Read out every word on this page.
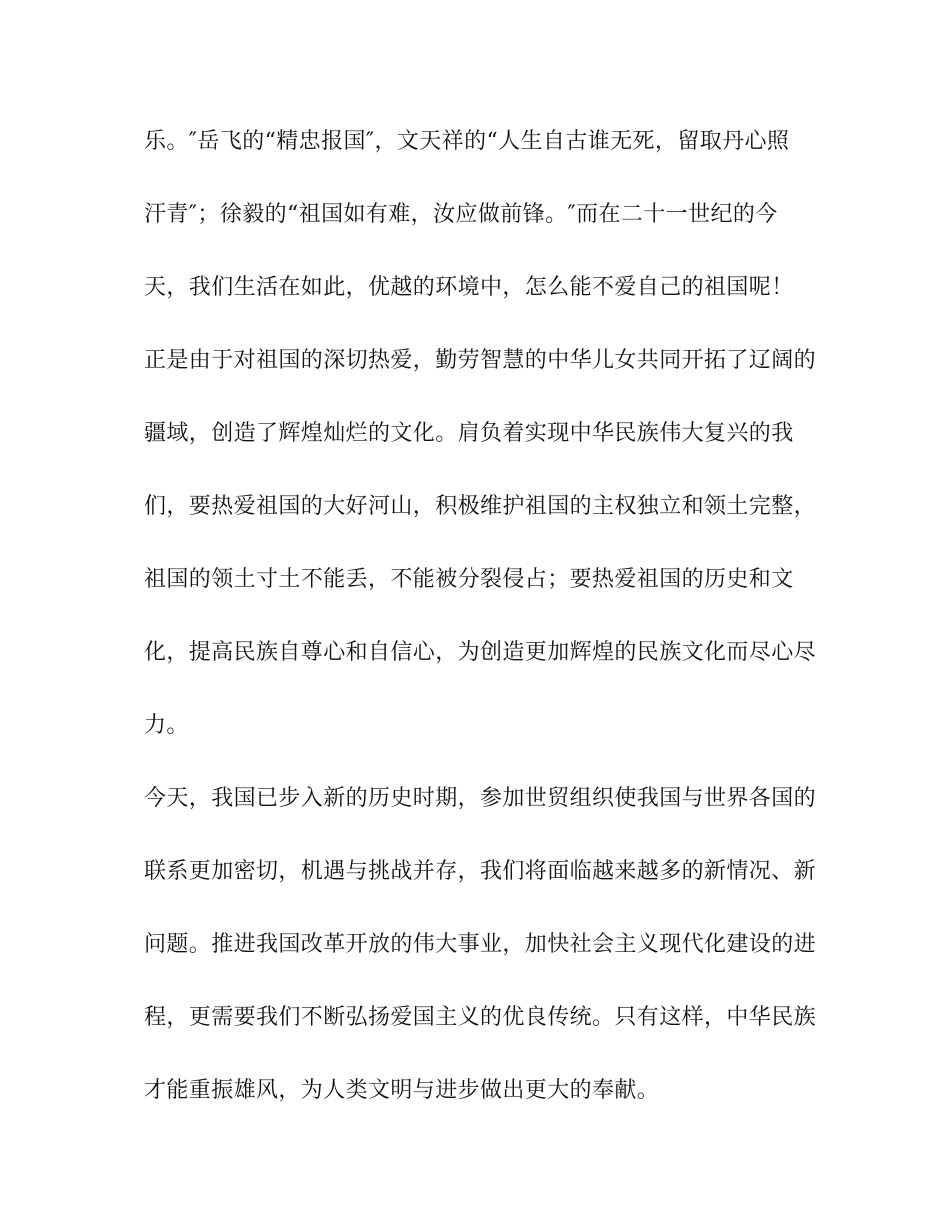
乐。″岳飞的“精忠报国″，文天祥的“人生自古谁无死，留取丹心照
汗青″；徐毅的“祖国如有难，汝应做前锋。″而在二十一世纪的今
天，我们生活在如此，优越的环境中，怎么能不爱自己的祖国呢！
正是由于对祖国的深切热爱，勤劳智慧的中华儿女共同开拓了辽阔的
疆域，创造了辉煌灿烂的文化。肩负着实现中华民族伟大复兴的我
们，要热爱祖国的大好河山，积极维护祖国的主权独立和领土完整，
祖国的领土寸土不能丢，不能被分裂侵占；要热爱祖国的历史和文
化，提高民族自尊心和自信心，为创造更加辉煌的民族文化而尽心尽
力。
今天，我国已步入新的历史时期，参加世贸组织使我国与世界各国的
联系更加密切，机遇与挑战并存，我们将面临越来越多的新情况、新
问题。推进我国改革开放的伟大事业，加快社会主义现代化建设的进
程，更需要我们不断弘扬爱国主义的优良传统。只有这样，中华民族
才能重振雄风，为人类文明与进步做出更大的奉献。
